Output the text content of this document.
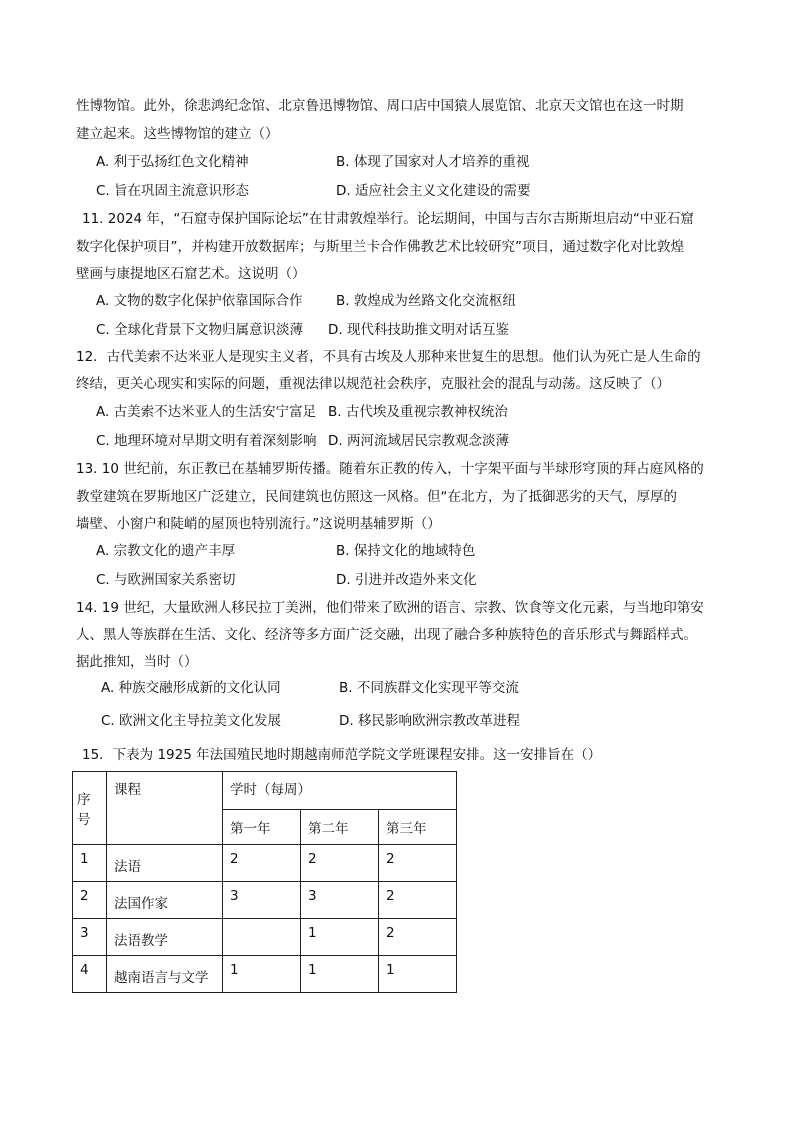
性博物馆。此外，徐悲鸿纪念馆、北京鲁迅博物馆、周口店中国猿人展览馆、北京天文馆也在这一时期
建立起来。这些博物馆的建立（）
A. 利于弘扬红色文化精神	B. 体现了国家对人才培养的重视
C. 旨在巩固主流意识形态	D. 适应社会主义文化建设的需要
11. 2024 年，“石窟寺保护国际论坛”在甘肃敦煌举行。论坛期间，中国与吉尔吉斯斯坦启动“中亚石窟
数字化保护项目”，并构建开放数据库；与斯里兰卡合作佛教艺术比较研究”项目，通过数字化对比敦煌
壁画与康提地区石窟艺术。这说明（）
A. 文物的数字化保护依靠国际合作 B. 敦煌成为丝路文化交流枢纽
C. 全球化背景下文物归属意识淡薄 D. 现代科技助推文明对话互鉴
12．古代美索不达米亚人是现实主义者，不具有古埃及人那种来世复生的思想。他们认为死亡是人生命的
终结，更关心现实和实际的问题，重视法律以规范社会秩序，克服社会的混乱与动荡。这反映了（）
A. 古美索不达米亚人的生活安宁富足 B. 古代埃及重视宗教神权统治
C. 地理环境对早期文明有着深刻影响 D. 两河流域居民宗教观念淡薄
13. 10 世纪前，东正教已在基辅罗斯传播。随着东正教的传入，十字架平面与半球形穹顶的拜占庭风格的
教堂建筑在罗斯地区广泛建立，民间建筑也仿照这一风格。但“在北方，为了抵御恶劣的天气，厚厚的
墙壁、小窗户和陡峭的屋顶也特别流行。”这说明基辅罗斯（）
A. 宗教文化的遗产丰厚	B. 保持文化的地域特色
C. 与欧洲国家关系密切	D. 引进并改造外来文化
14. 19 世纪，大量欧洲人移民拉丁美洲，他们带来了欧洲的语言、宗教、饮食等文化元素，与当地印第安
人、黑人等族群在生活、文化、经济等多方面广泛交融，出现了融合多种族特色的音乐形式与舞蹈样式。
据此推知，当时（）
A. 种族交融形成新的文化认同	B. 不同族群文化实现平等交流
C. 欧洲文化主导拉美文化发展	D. 移民影响欧洲宗教改革进程
15．下表为 1925 年法国殖民地时期越南师范学院文学班课程安排。这一安排旨在（）
序号	课程	学时（每周）		
		第一年	第二年	第三年
1	法语	2	2	2
2	法国作家	3	3	2
3	法语教学		1	2
4	越南语言与文学	1	1	1
